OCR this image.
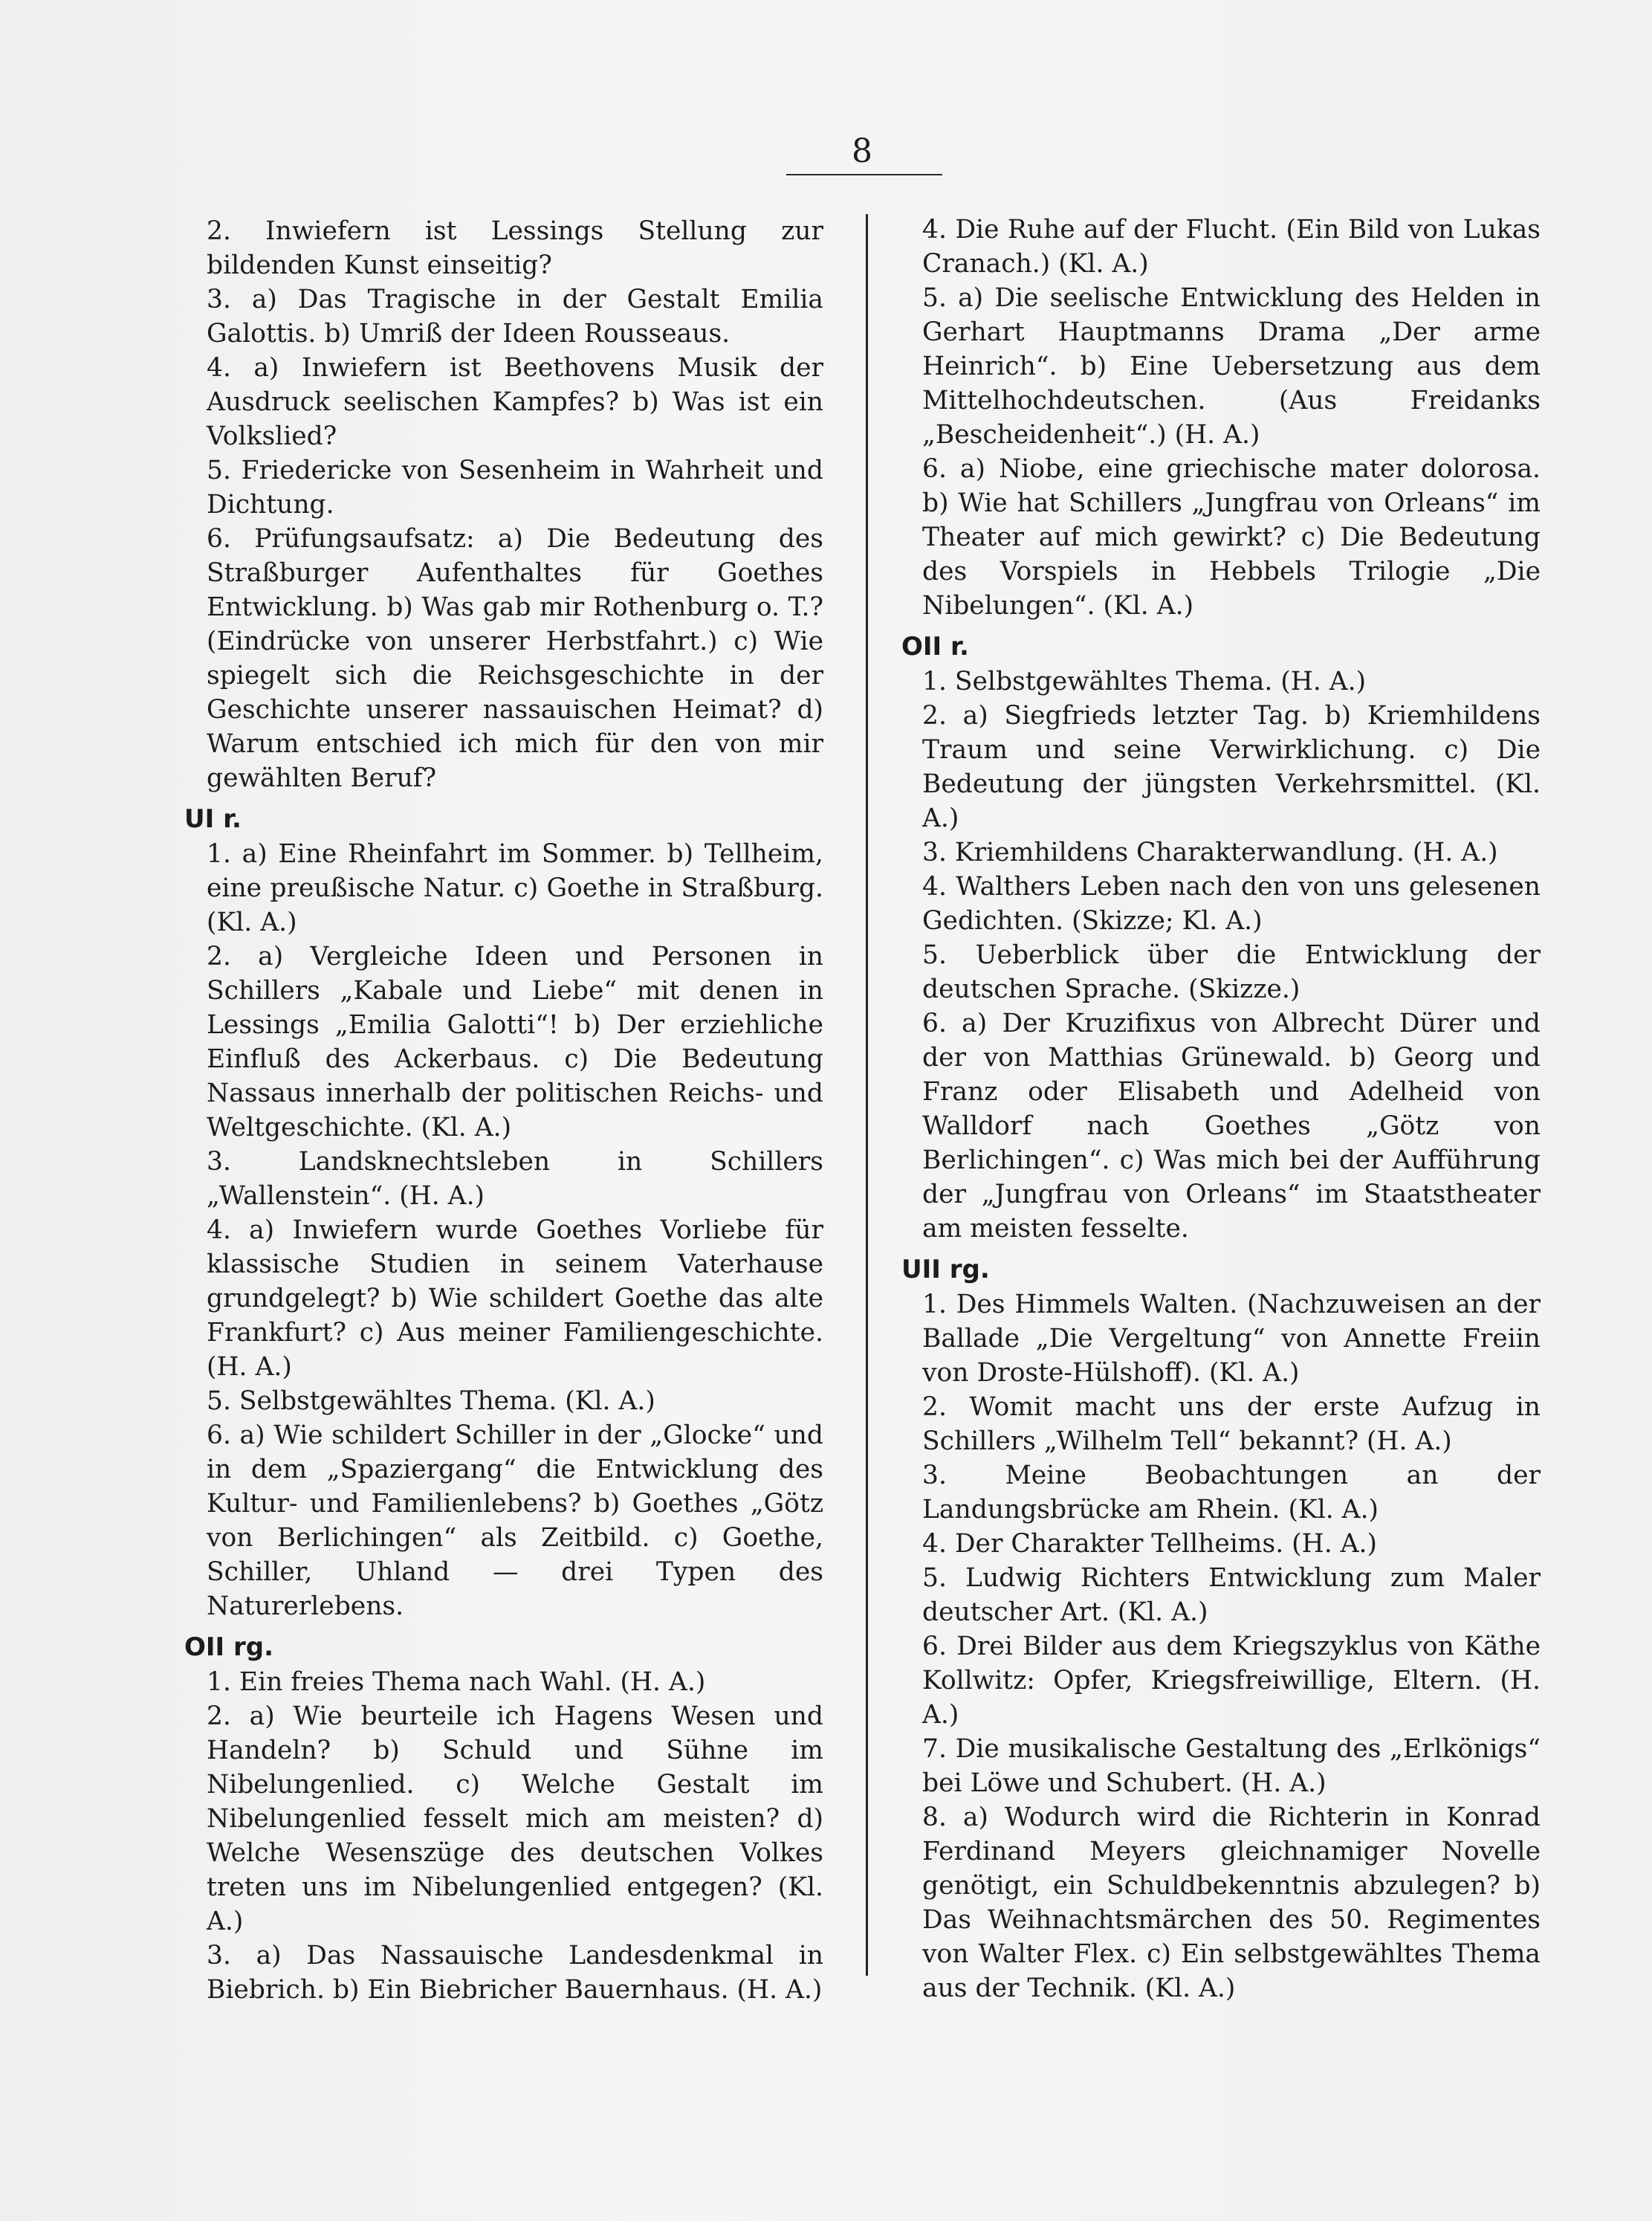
8
2. Inwiefern ist Lessings Stellung zur bildenden Kunst einseitig?
3. a) Das Tragische in der Gestalt Emilia Galottis. b) Umriß der Ideen Rousseaus.
4. a) Inwiefern ist Beethovens Musik der Ausdruck seelischen Kampfes? b) Was ist ein Volkslied?
5. Friedericke von Sesenheim in Wahrheit und Dichtung.
6. Prüfungsaufsatz: a) Die Bedeutung des Straßburger Aufenthaltes für Goethes Entwicklung. b) Was gab mir Rothenburg o. T.? (Eindrücke von unserer Herbstfahrt.) c) Wie spiegelt sich die Reichsgeschichte in der Geschichte unserer nassauischen Heimat? d) Warum entschied ich mich für den von mir gewählten Beruf?
UI r.
1. a) Eine Rheinfahrt im Sommer. b) Tellheim, eine preußische Natur. c) Goethe in Straßburg. (Kl. A.)
2. a) Vergleiche Ideen und Personen in Schillers „Kabale und Liebe“ mit denen in Lessings „Emilia Galotti“! b) Der erziehliche Einfluß des Ackerbaus. c) Die Bedeutung Nassaus innerhalb der politischen Reichs- und Weltgeschichte. (Kl. A.)
3. Landsknechtsleben in Schillers „Wallenstein“. (H. A.)
4. a) Inwiefern wurde Goethes Vorliebe für klassische Studien in seinem Vaterhause grundgelegt? b) Wie schildert Goethe das alte Frankfurt? c) Aus meiner Familiengeschichte. (H. A.)
5. Selbstgewähltes Thema. (Kl. A.)
6. a) Wie schildert Schiller in der „Glocke“ und in dem „Spaziergang“ die Entwicklung des Kultur- und Familienlebens? b) Goethes „Götz von Berlichingen“ als Zeitbild. c) Goethe, Schiller, Uhland — drei Typen des Naturerlebens.
OII rg.
1. Ein freies Thema nach Wahl. (H. A.)
2. a) Wie beurteile ich Hagens Wesen und Handeln? b) Schuld und Sühne im Nibelungenlied. c) Welche Gestalt im Nibelungenlied fesselt mich am meisten? d) Welche Wesenszüge des deutschen Volkes treten uns im Nibelungenlied entgegen? (Kl. A.)
3. a) Das Nassauische Landesdenkmal in Biebrich. b) Ein Biebricher Bauernhaus. (H. A.)
4. Die Ruhe auf der Flucht. (Ein Bild von Lukas Cranach.) (Kl. A.)
5. a) Die seelische Entwicklung des Helden in Gerhart Hauptmanns Drama „Der arme Heinrich“. b) Eine Uebersetzung aus dem Mittelhochdeutschen. (Aus Freidanks „Bescheidenheit“.) (H. A.)
6. a) Niobe, eine griechische mater dolorosa. b) Wie hat Schillers „Jungfrau von Orleans“ im Theater auf mich gewirkt? c) Die Bedeutung des Vorspiels in Hebbels Trilogie „Die Nibelungen“. (Kl. A.)
OII r.
1. Selbstgewähltes Thema. (H. A.)
2. a) Siegfrieds letzter Tag. b) Kriemhildens Traum und seine Verwirklichung. c) Die Bedeutung der jüngsten Verkehrsmittel. (Kl. A.)
3. Kriemhildens Charakterwandlung. (H. A.)
4. Walthers Leben nach den von uns gelesenen Gedichten. (Skizze; Kl. A.)
5. Ueberblick über die Entwicklung der deutschen Sprache. (Skizze.)
6. a) Der Kruzifixus von Albrecht Dürer und der von Matthias Grünewald. b) Georg und Franz oder Elisabeth und Adelheid von Walldorf nach Goethes „Götz von Berlichingen“. c) Was mich bei der Aufführung der „Jungfrau von Orleans“ im Staatstheater am meisten fesselte.
UII rg.
1. Des Himmels Walten. (Nachzuweisen an der Ballade „Die Vergeltung“ von Annette Freiin von Droste-Hülshoff). (Kl. A.)
2. Womit macht uns der erste Aufzug in Schillers „Wilhelm Tell“ bekannt? (H. A.)
3. Meine Beobachtungen an der Landungsbrücke am Rhein. (Kl. A.)
4. Der Charakter Tellheims. (H. A.)
5. Ludwig Richters Entwicklung zum Maler deutscher Art. (Kl. A.)
6. Drei Bilder aus dem Kriegszyklus von Käthe Kollwitz: Opfer, Kriegsfreiwillige, Eltern. (H. A.)
7. Die musikalische Gestaltung des „Erlkönigs“ bei Löwe und Schubert. (H. A.)
8. a) Wodurch wird die Richterin in Konrad Ferdinand Meyers gleichnamiger Novelle genötigt, ein Schuldbekenntnis abzulegen? b) Das Weihnachtsmärchen des 50. Regimentes von Walter Flex. c) Ein selbstgewähltes Thema aus der Technik. (Kl. A.)
